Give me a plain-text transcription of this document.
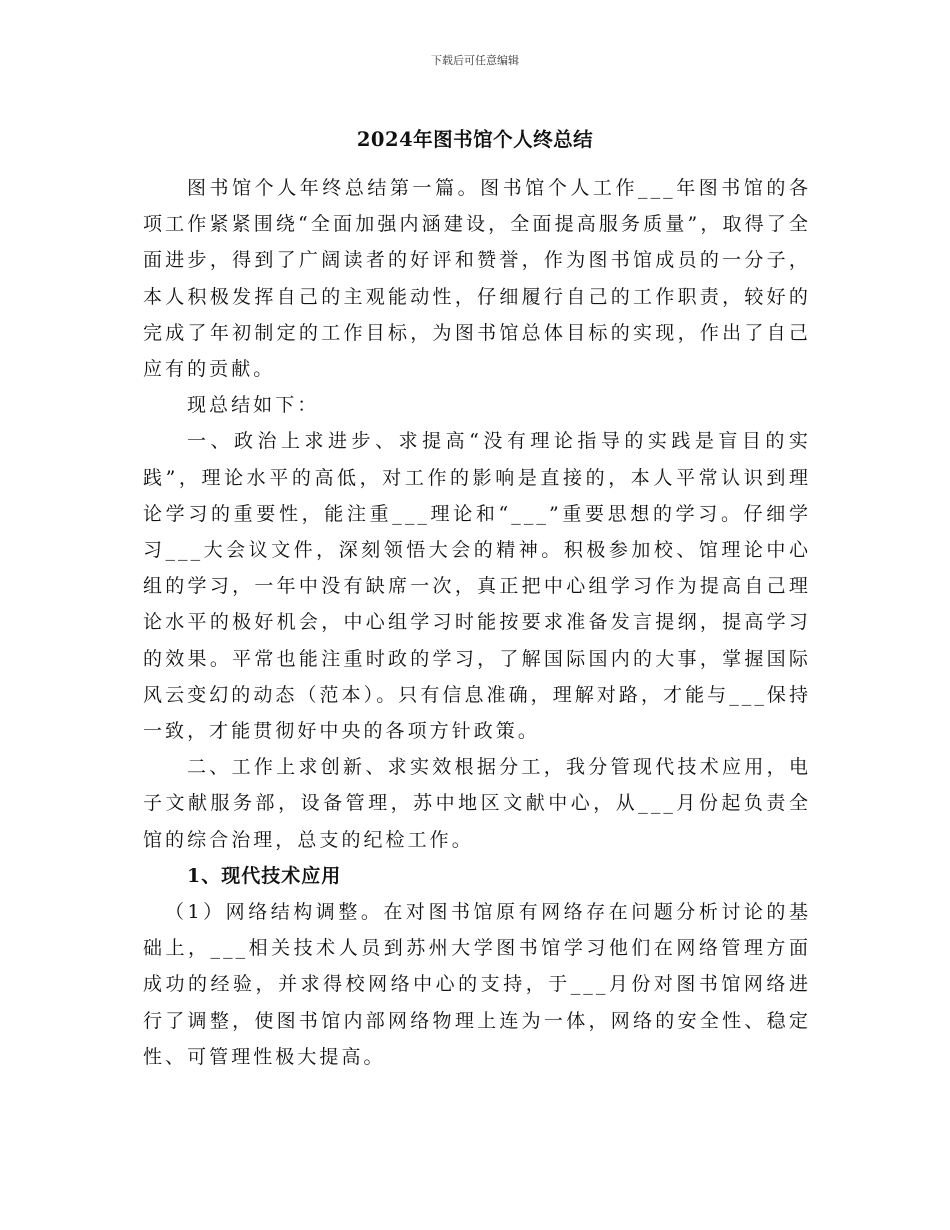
下载后可任意编辑
2024年图书馆个人终总结

图书馆个人年终总结第一篇。图书馆个人工作___年图书馆的各项工作紧紧围绕“全面加强内涵建设，全面提高服务质量”，取得了全面进步，得到了广阔读者的好评和赞誉，作为图书馆成员的一分子，本人积极发挥自己的主观能动性，仔细履行自己的工作职责，较好的完成了年初制定的工作目标，为图书馆总体目标的实现，作出了自己应有的贡献。

现总结如下：

一、政治上求进步、求提高“没有理论指导的实践是盲目的实践”，理论水平的高低，对工作的影响是直接的，本人平常认识到理论学习的重要性，能注重___理论和“___”重要思想的学习。仔细学习___大会议文件，深刻领悟大会的精神。积极参加校、馆理论中心组的学习，一年中没有缺席一次，真正把中心组学习作为提高自己理论水平的极好机会，中心组学习时能按要求准备发言提纲，提高学习的效果。平常也能注重时政的学习，了解国际国内的大事，掌握国际风云变幻的动态（范本）。只有信息准确，理解对路，才能与___保持一致，才能贯彻好中央的各项方针政策。

二、工作上求创新、求实效根据分工，我分管现代技术应用，电子文献服务部，设备管理，苏中地区文献中心，从___月份起负责全馆的综合治理，总支的纪检工作。

1、现代技术应用

（1）网络结构调整。在对图书馆原有网络存在问题分析讨论的基础上，___相关技术人员到苏州大学图书馆学习他们在网络管理方面成功的经验，并求得校网络中心的支持，于___月份对图书馆网络进行了调整，使图书馆内部网络物理上连为一体，网络的安全性、稳定性、可管理性极大提高。
